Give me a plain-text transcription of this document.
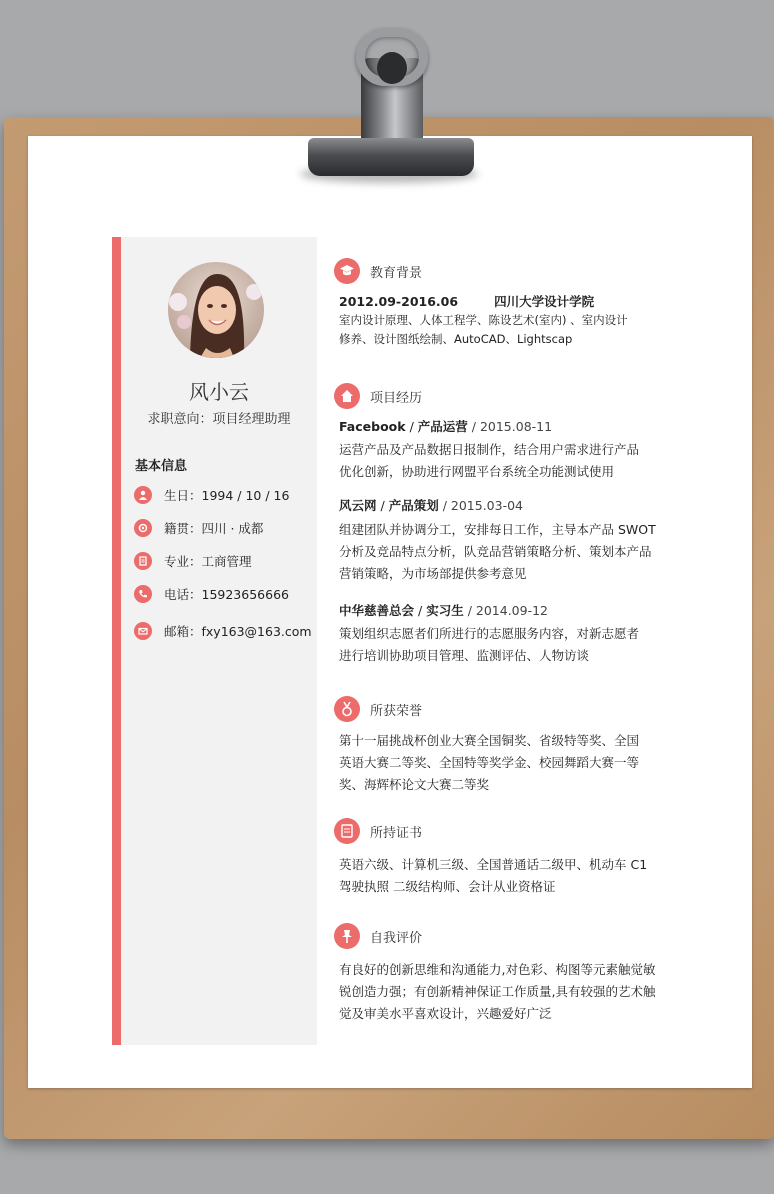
风小云
求职意向：项目经理助理
基本信息
生日：1994 / 10 / 16
籍贯：四川 · 成都
专业：工商管理
电话：15923656666
邮箱：fxy163@163.com
教育背景
2012.09-2016.06	四川大学设计学院
室内设计原理、人体工程学、陈设艺术(室内) 、室内设计
修养、设计图纸绘制、AutoCAD、Lightscap
项目经历
Facebook / 产品运营 / 2015.08-11
运营产品及产品数据日报制作，结合用户需求进行产品
优化创新，协助进行网盟平台系统全功能测试使用
风云网 / 产品策划 / 2015.03-04
组建团队并协调分工，安排每日工作，主导本产品 SWOT
分析及竞品特点分析，队竞品营销策略分析、策划本产品
营销策略，为市场部提供参考意见
中华慈善总会 / 实习生 / 2014.09-12
策划组织志愿者们所进行的志愿服务内容，对新志愿者
进行培训协助项目管理、监测评估、人物访谈
所获荣誉
第十一届挑战杯创业大赛全国铜奖、省级特等奖、全国
英语大赛二等奖、全国特等奖学金、校园舞蹈大赛一等
奖、海辉杯论文大赛二等奖
所持证书
英语六级、计算机三级、全国普通话二级甲、机动车 C1
驾驶执照 二级结构师、会计从业资格证
自我评价
有良好的创新思维和沟通能力,对色彩、构图等元素触觉敏
锐创造力强；有创新精神保证工作质量,具有较强的艺术触
觉及审美水平喜欢设计，兴趣爱好广泛
